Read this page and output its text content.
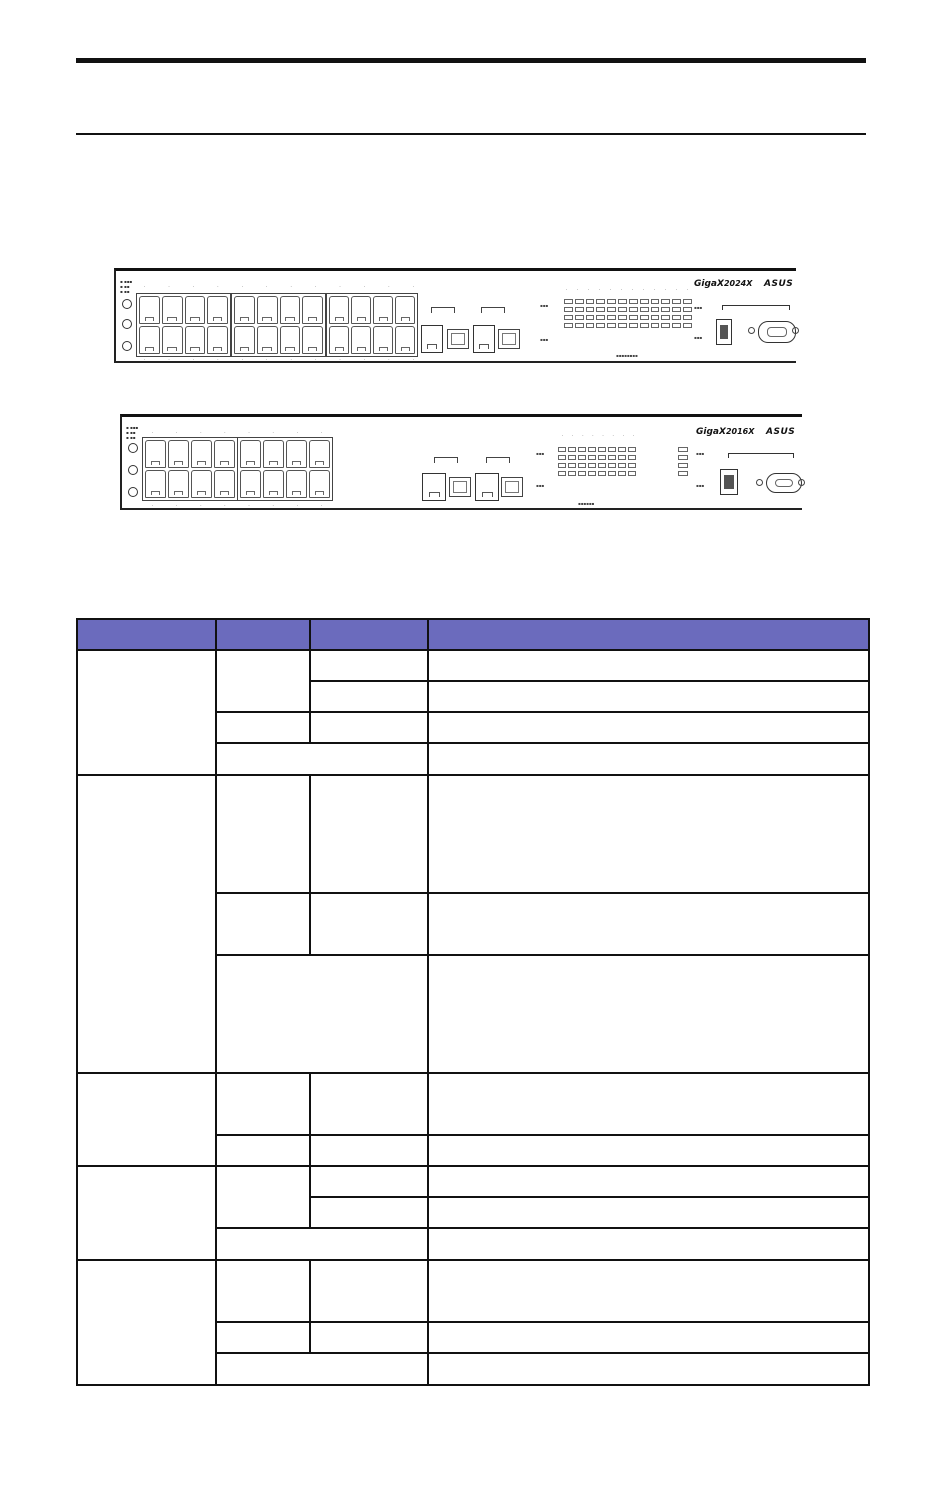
▪ ▪▪▪
▪ ▪▪
▪ ▪▪
·	·	·	·	·	·	·	·	·	·	·	·
·	·	·	·	·	·	·	·	·	·	·	·
· · · · · · · · · · · ·
▪▪▪
▪▪▪
▪▪▪▪▪▪▪▪
GigaX2024X ASUS
▪▪▪
▪▪▪
▪ ▪▪▪
▪ ▪▪
▪ ▪▪
·	·	·	·	·	·	·	·
·	·	·	·	·	·	·	·
· · · · · · · ·
▪▪▪
▪▪▪
▪▪▪▪▪▪
▪▪▪
▪▪▪
GigaX2016X ASUS
